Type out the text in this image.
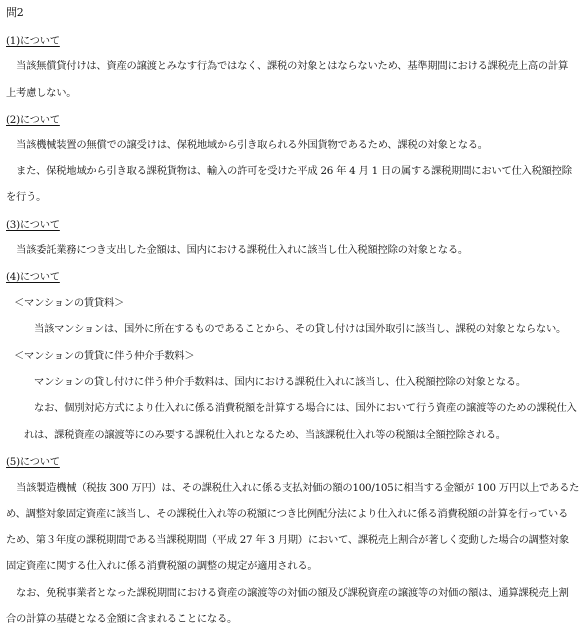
問2
(1)について
　当該無償貸付けは、資産の譲渡とみなす行為ではなく、課税の対象とはならないため、基準期間における課税売上高の計算
上考慮しない。
(2)について
　当該機械装置の無償での譲受けは、保税地域から引き取られる外国貨物であるため、課税の対象となる。
　また、保税地域から引き取る課税貨物は、輸入の許可を受けた平成 26 年 4 月 1 日の属する課税期間において仕入税額控除
を行う。
(3)について
　当該委託業務につき支出した金額は、国内における課税仕入れに該当し仕入税額控除の対象となる。
(4)について
＜マンションの賃貸料＞
　当該マンションは、国外に所在するものであることから、その貸し付けは国外取引に該当し、課税の対象とならない。
＜マンションの賃貸に伴う仲介手数料＞
　マンションの貸し付けに伴う仲介手数料は、国内における課税仕入れに該当し、仕入税額控除の対象となる。
　なお、個別対応方式により仕入れに係る消費税額を計算する場合には、国外において行う資産の譲渡等のための課税仕入
れは、課税資産の譲渡等にのみ要する課税仕入れとなるため、当該課税仕入れ等の税額は全額控除される。
(5)について
　当該製造機械（税抜 300 万円）は、その課税仕入れに係る支払対価の額の100/105に相当する金額が 100 万円以上であるた
め、調整対象固定資産に該当し、その課税仕入れ等の税額につき比例配分法により仕入れに係る消費税額の計算を行っている
ため、第３年度の課税期間である当課税期間（平成 27 年 3 月期）において、課税売上割合が著しく変動した場合の調整対象
固定資産に関する仕入れに係る消費税額の調整の規定が適用される。
　なお、免税事業者となった課税期間における資産の譲渡等の対価の額及び課税資産の譲渡等の対価の額は、通算課税売上割
合の計算の基礎となる金額に含まれることになる。
